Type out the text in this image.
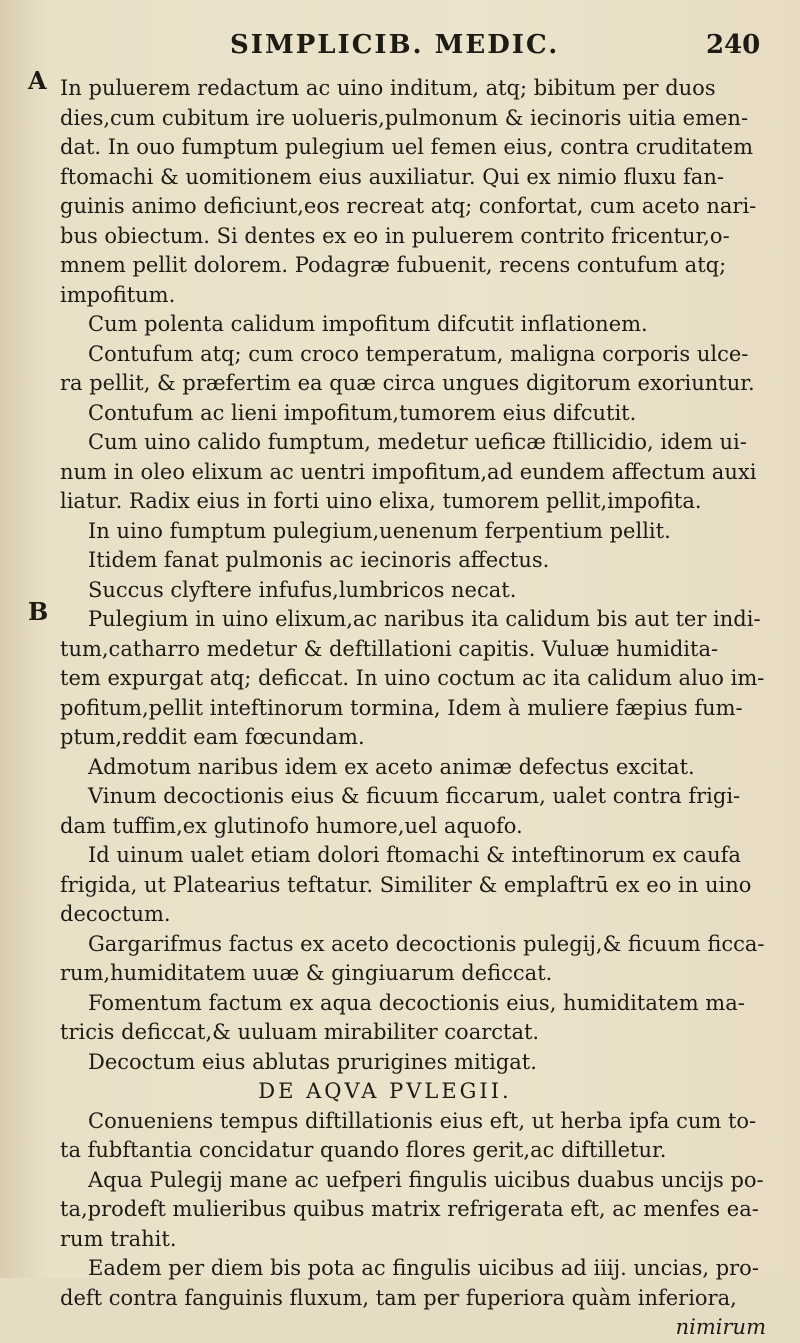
SIMPLICIB. MEDIC.	240
A
B
In puluerem redactum ac uino inditum, atq; bibitum per duos
dies,cum cubitum ire uolueris,pulmonum & iecinoris uitia emen-
dat. In ouo fumptum pulegium uel femen eius, contra cruditatem
ftomachi & uomitionem eius auxiliatur. Qui ex nimio fluxu fan-
guinis animo deficiunt,eos recreat atq; confortat, cum aceto nari-
bus obiectum. Si dentes ex eo in puluerem contrito fricentur,o-
mnem pellit dolorem. Podagræ fubuenit, recens contufum atq;
impofitum.
Cum polenta calidum impofitum difcutit inflationem.
Contufum atq; cum croco temperatum, maligna corporis ulce-
ra pellit, & præfertim ea quæ circa ungues digitorum exoriuntur.
Contufum ac lieni impofitum,tumorem eius difcutit.
Cum uino calido fumptum, medetur ueficæ ftillicidio, idem ui-
num in oleo elixum ac uentri impofitum,ad eundem affectum auxi
liatur. Radix eius in forti uino elixa, tumorem pellit,impofita.
In uino fumptum pulegium,uenenum ferpentium pellit.
Itidem fanat pulmonis ac iecinoris affectus.
Succus clyftere infufus,lumbricos necat.
Pulegium in uino elixum,ac naribus ita calidum bis aut ter indi-
tum,catharro medetur & deftillationi capitis. Vuluæ humidita-
tem expurgat atq; deficcat. In uino coctum ac ita calidum aluo im-
pofitum,pellit inteftinorum tormina, Idem à muliere fæpius fum-
ptum,reddit eam fœcundam.
Admotum naribus idem ex aceto animæ defectus excitat.
Vinum decoctionis eius & ficuum ficcarum, ualet contra frigi-
dam tuffim,ex glutinofo humore,uel aquofo.
Id uinum ualet etiam dolori ftomachi & inteftinorum ex caufa
frigida, ut Platearius teftatur. Similiter & emplaftrū ex eo in uino
decoctum.
Gargarifmus factus ex aceto decoctionis pulegij,& ficuum ficca-
rum,humiditatem uuæ & gingiuarum deficcat.
Fomentum factum ex aqua decoctionis eius, humiditatem ma-
tricis deficcat,& uuluam mirabiliter coarctat.
Decoctum eius ablutas prurigines mitigat.
DE AQVA PVLEGII.
Conueniens tempus diftillationis eius eft, ut herba ipfa cum to-
ta fubftantia concidatur quando flores gerit,ac diftilletur.
Aqua Pulegij mane ac uefperi fingulis uicibus duabus uncijs po-
ta,prodeft mulieribus quibus matrix refrigerata eft, ac menfes ea-
rum trahit.
Eadem per diem bis pota ac fingulis uicibus ad iiij. uncias, pro-
deft contra fanguinis fluxum, tam per fuperiora quàm inferiora,
nimirum
